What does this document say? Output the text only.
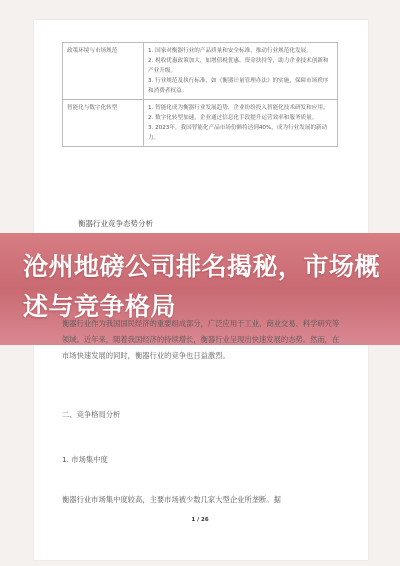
政策环境与市场规范	1. 国家对衡器行业的产品质量和安全标准，推动行业规范化发展。

2. 税收优惠政策加大，如增值税优惠、资金扶持等，助力企业技术创新和产业升级。

3. 行业规范及执行标准，如《衡器计量管理办法》的实施，保障市场秩序和消费者权益。

智能化与数字化转型	1. 智能化成为衡器行业发展趋势，企业纷纷投入智能化技术研发和应用。

2. 数字化转型加速，企业通过信息化手段提升运营效率和服务质量。

3. 2023年，我国智能化产品市场份额将达到40%，成为行业发展的新动力。

衡器行业竞争态势分析
沧州地磅公司排名揭秘，市场概述与竞争格局

衡器行业作为我国国民经济的重要组成部分，广泛应用于工业、商业交易、科学研究等领域。近年来，随着我国经济的持续增长，衡器行业呈现出快速发展的态势。然而，在市场快速发展的同时，衡器行业的竞争也日益激烈。

二、竞争格局分析

1. 市场集中度

衡器行业市场集中度较高，主要市场被少数几家大型企业所垄断。据

1 / 26
